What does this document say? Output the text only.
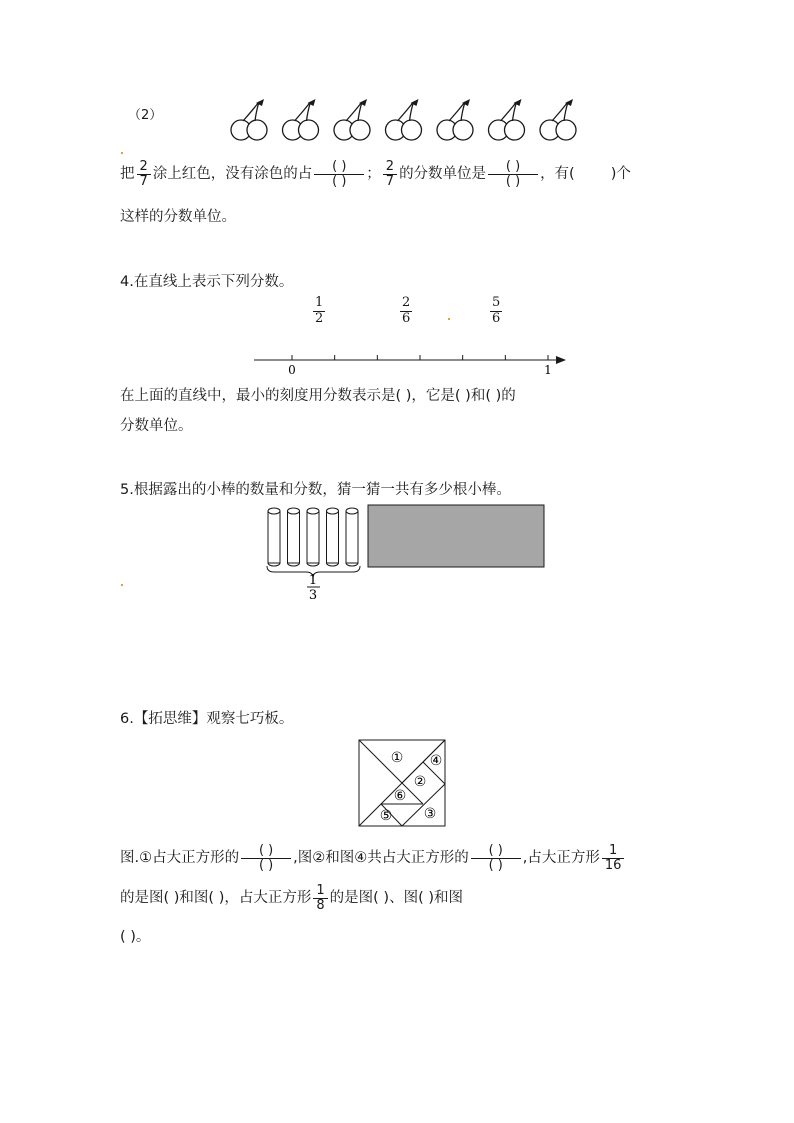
（2）
把 $\frac{2}{7}$ 涂上红色，没有涂色的占 $\frac{( )}{( )}$ ； $\frac{2}{7}$ 的分数单位是 $\frac{( )}{( )}$ ，有( )个
这样的分数单位。
4.在直线上表示下列分数。
$\frac{1}{2}$	$\frac{2}{6}$	$\frac{5}{6}$
0	1
在上面的直线中，最小的刻度用分数表示是( )，它是( )和( )的
分数单位。
5.根据露出的小棒的数量和分数，猜一猜一共有多少根小棒。
1
3
6.【拓思维】观察七巧板。
① ④
②
⑥
⑤ ③
图.①占大正方形的 $\frac{( )}{( )}$ ,图②和图④共占大正方形的 $\frac{( )}{( )}$ ,占大正方形 $\frac{1}{16}$
的是图( )和图( )，占大正方形 $\frac{1}{8}$ 的是图( )、图( )和图
( )。
